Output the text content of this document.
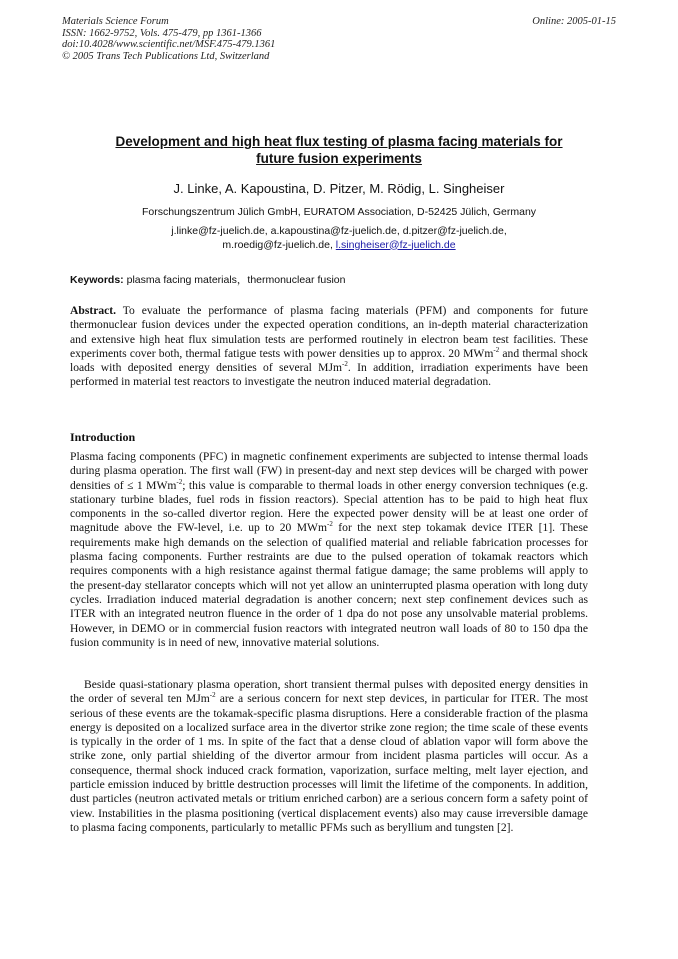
Materials Science Forum
ISSN: 1662-9752, Vols. 475-479, pp 1361-1366
doi:10.4028/www.scientific.net/MSF.475-479.1361
© 2005 Trans Tech Publications Ltd, Switzerland
Online: 2005-01-15
Development and high heat flux testing of plasma facing materials for
future fusion experiments
J. Linke, A. Kapoustina, D. Pitzer, M. Rödig, L. Singheiser
Forschungszentrum Jülich GmbH, EURATOM Association, D-52425 Jülich, Germany
j.linke@fz-juelich.de, a.kapoustina@fz-juelich.de, d.pitzer@fz-juelich.de,
m.roedig@fz-juelich.de, l.singheiser@fz-juelich.de
Keywords: plasma facing materials，thermonuclear fusion
Abstract. To evaluate the performance of plasma facing materials (PFM) and components for future thermonuclear fusion devices under the expected operation conditions, an in-depth material characterization and extensive high heat flux simulation tests are performed routinely in electron beam test facilities. These experiments cover both, thermal fatigue tests with power densities up to approx. 20 MWm$^{-2}$ and thermal shock loads with deposited energy densities of several MJm$^{-2}$. In addition, irradiation experiments have been performed in material test reactors to investigate the neutron induced material degradation.
Introduction
Plasma facing components (PFC) in magnetic confinement experiments are subjected to intense thermal loads during plasma operation. The first wall (FW) in present-day and next step devices will be charged with power densities of ≤ 1 MWm$^{-2}$; this value is comparable to thermal loads in other energy conversion techniques (e.g. stationary turbine blades, fuel rods in fission reactors). Special attention has to be paid to high heat flux components in the so-called divertor region. Here the expected power density will be at least one order of magnitude above the FW-level, i.e. up to 20 MWm$^{-2}$ for the next step tokamak device ITER [1]. These requirements make high demands on the selection of qualified material and reliable fabrication processes for plasma facing components. Further restraints are due to the pulsed operation of tokamak reactors which requires components with a high resistance against thermal fatigue damage; the same problems will apply to the present-day stellarator concepts which will not yet allow an uninterrupted plasma operation with long duty cycles. Irradiation induced material degradation is another concern; next step confinement devices such as ITER with an integrated neutron fluence in the order of 1 dpa do not pose any unsolvable material problems. However, in DEMO or in commercial fusion reactors with integrated neutron wall loads of 80 to 150 dpa the fusion community is in need of new, innovative material solutions.
Beside quasi-stationary plasma operation, short transient thermal pulses with deposited energy densities in the order of several ten MJm$^{-2}$ are a serious concern for next step devices, in particular for ITER. The most serious of these events are the tokamak-specific plasma disruptions. Here a considerable fraction of the plasma energy is deposited on a localized surface area in the divertor strike zone region; the time scale of these events is typically in the order of 1 ms. In spite of the fact that a dense cloud of ablation vapor will form above the strike zone, only partial shielding of the divertor armour from incident plasma particles will occur. As a consequence, thermal shock induced crack formation, vaporization, surface melting, melt layer ejection, and particle emission induced by brittle destruction processes will limit the lifetime of the components. In addition, dust particles (neutron activated metals or tritium enriched carbon) are a serious concern form a safety point of view. Instabilities in the plasma positioning (vertical displacement events) also may cause irreversible damage to plasma facing components, particularly to metallic PFMs such as beryllium and tungsten [2].
